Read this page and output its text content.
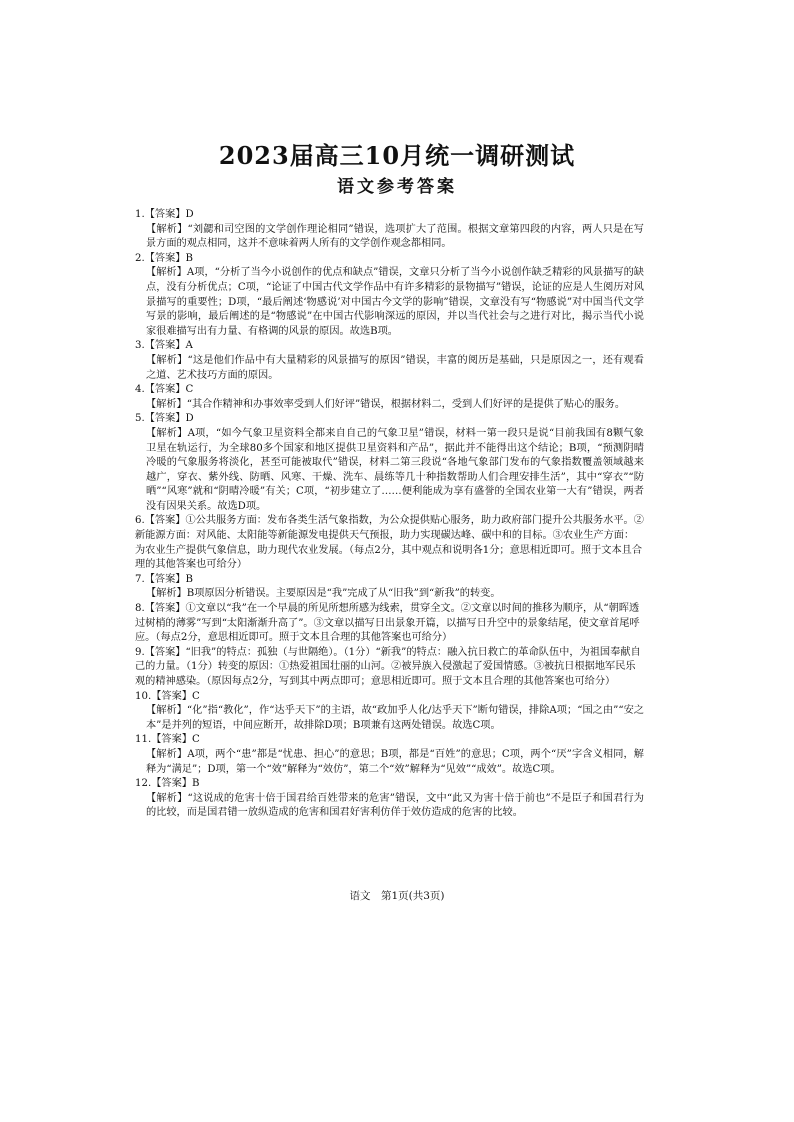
2023届高三10月统一调研测试
语文参考答案

1.【答案】D

【解析】“刘勰和司空图的文学创作理论相同”错误，选项扩大了范围。根据文章第四段的内容，两人只是在写景方面的观点相同，这并不意味着两人所有的文学创作观念都相同。

2.【答案】B

【解析】A项，“分析了当今小说创作的优点和缺点”错误，文章只分析了当今小说创作缺乏精彩的风景描写的缺点，没有分析优点；C项，“论证了中国古代文学作品中有许多精彩的景物描写”错误，论证的应是人生阅历对风景描写的重要性；D项，“最后阐述‘物感说’对中国古今文学的影响”错误，文章没有写“物感说”对中国当代文学写景的影响，最后阐述的是“物感说”在中国古代影响深远的原因，并以当代社会与之进行对比，揭示当代小说家很难描写出有力量、有格调的风景的原因。故选B项。

3.【答案】A

【解析】“这是他们作品中有大量精彩的风景描写的原因”错误，丰富的阅历是基础，只是原因之一，还有观看之道、艺术技巧方面的原因。

4.【答案】C

【解析】“其合作精神和办事效率受到人们好评”错误，根据材料二，受到人们好评的是提供了贴心的服务。

5.【答案】D

【解析】A项，“如今气象卫星资料全都来自自己的气象卫星”错误，材料一第一段只是说“目前我国有8颗气象卫星在轨运行，为全球80多个国家和地区提供卫星资料和产品”，据此并不能得出这个结论；B项，“预测阴晴冷暖的气象服务将淡化，甚至可能被取代”错误，材料二第三段说“各地气象部门发布的气象指数覆盖领域越来越广，穿衣、紫外线、防晒、风寒、干燥、洗车、晨练等几十种指数帮助人们合理安排生活”，其中“穿衣”“防晒”“风寒”就和“阴晴冷暖”有关；C项，“初步建立了……便利能成为享有盛誉的全国农业第一大有”错误，两者没有因果关系。故选D项。

6.【答案】①公共服务方面：发布各类生活气象指数，为公众提供贴心服务，助力政府部门提升公共服务水平。②新能源方面：对风能、太阳能等新能源发电提供天气预报，助力实现碳达峰、碳中和的目标。③农业生产方面：为农业生产提供气象信息，助力现代农业发展。（每点2分，其中观点和说明各1分；意思相近即可。照于文本且合理的其他答案也可给分）

7.【答案】B

【解析】B项原因分析错误。主要原因是“我”完成了从“旧我”到“新我”的转变。

8.【答案】①文章以“我”在一个早晨的所见所想所感为线索，贯穿全文。②文章以时间的推移为顺序，从“朝晖透过树梢的薄雾”写到“太阳渐渐升高了”。③文章以描写日出景象开篇，以描写日升空中的景象结尾，使文章首尾呼应。（每点2分，意思相近即可。照于文本且合理的其他答案也可给分）

9.【答案】“旧我”的特点：孤独（与世隔绝）。（1分）“新我”的特点：融入抗日救亡的革命队伍中，为祖国奉献自己的力量。（1分）转变的原因：①热爱祖国壮丽的山河。②被异族入侵激起了爱国情感。③被抗日根据地军民乐观的精神感染。（原因每点2分，写到其中两点即可；意思相近即可。照于文本且合理的其他答案也可给分）

10.【答案】C

【解析】“化”指“教化”，作“达乎天下”的主语，故“政加乎人化/达乎天下”断句错误，排除A项；“国之由”“安之本”是并列的短语，中间应断开，故排除D项；B项兼有这两处错误。故选C项。

11.【答案】C

【解析】A项，两个“患”都是“忧患、担心”的意思；B项，都是“百姓”的意思；C项，两个“厌”字含义相同，解释为“满足”；D项，第一个“效”解释为“效仿”，第二个“效”解释为“见效”“成效”。故选C项。

12.【答案】B

【解析】“这说成的危害十倍于国君给百姓带来的危害”错误，文中“此又为害十倍于前也”不是臣子和国君行为的比较，而是国君错一放纵造成的危害和国君好害利仿佯于效仿造成的危害的比较。

语文　第1页(共3页)
